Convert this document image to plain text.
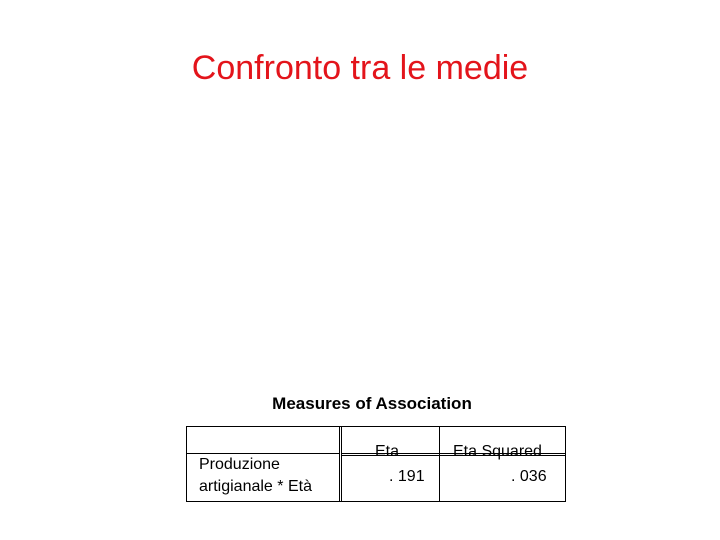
Confronto tra le medie
Measures of Association
Eta	Eta Squared
Produzione
artigianale * Età
. 191	. 036
